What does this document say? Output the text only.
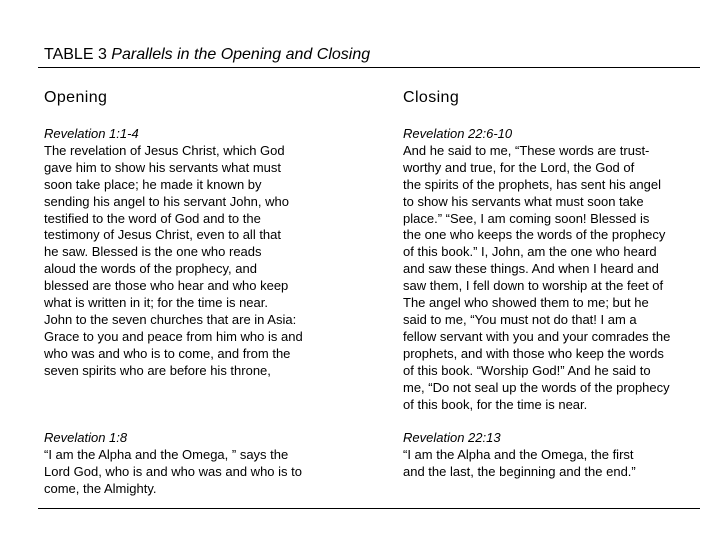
TABLE 3 Parallels in the Opening and Closing
Opening	Closing
Revelation 1:1-4
The revelation of Jesus Christ, which God
gave him to show his servants what must
soon take place; he made it known by
sending his angel to his servant John, who
testified to the word of God and to the
testimony of Jesus Christ, even to all that
he saw. Blessed is the one who reads
aloud the words of the prophecy, and
blessed are those who hear and who keep
what is written in it; for the time is near.
John to the seven churches that are in Asia:
Grace to you and peace from him who is and
who was and who is to come, and from the
seven spirits who are before his throne,
Revelation 22:6-10
And he said to me, “These words are trust-
worthy and true, for the Lord, the God of
the spirits of the prophets, has sent his angel
to show his servants what must soon take
place.” “See, I am coming soon! Blessed is
the one who keeps the words of the prophecy
of this book.” I, John, am the one who heard
and saw these things. And when I heard and
saw them, I fell down to worship at the feet of
The angel who showed them to me; but he
said to me, “You must not do that! I am a
fellow servant with you and your comrades the
prophets, and with those who keep the words
of this book. “Worship God!” And he said to
me, “Do not seal up the words of the prophecy
of this book, for the time is near.
Revelation 1:8
“I am the Alpha and the Omega, ” says the
Lord God, who is and who was and who is to
come, the Almighty.
Revelation 22:13
“I am the Alpha and the Omega, the first
and the last, the beginning and the end.”
